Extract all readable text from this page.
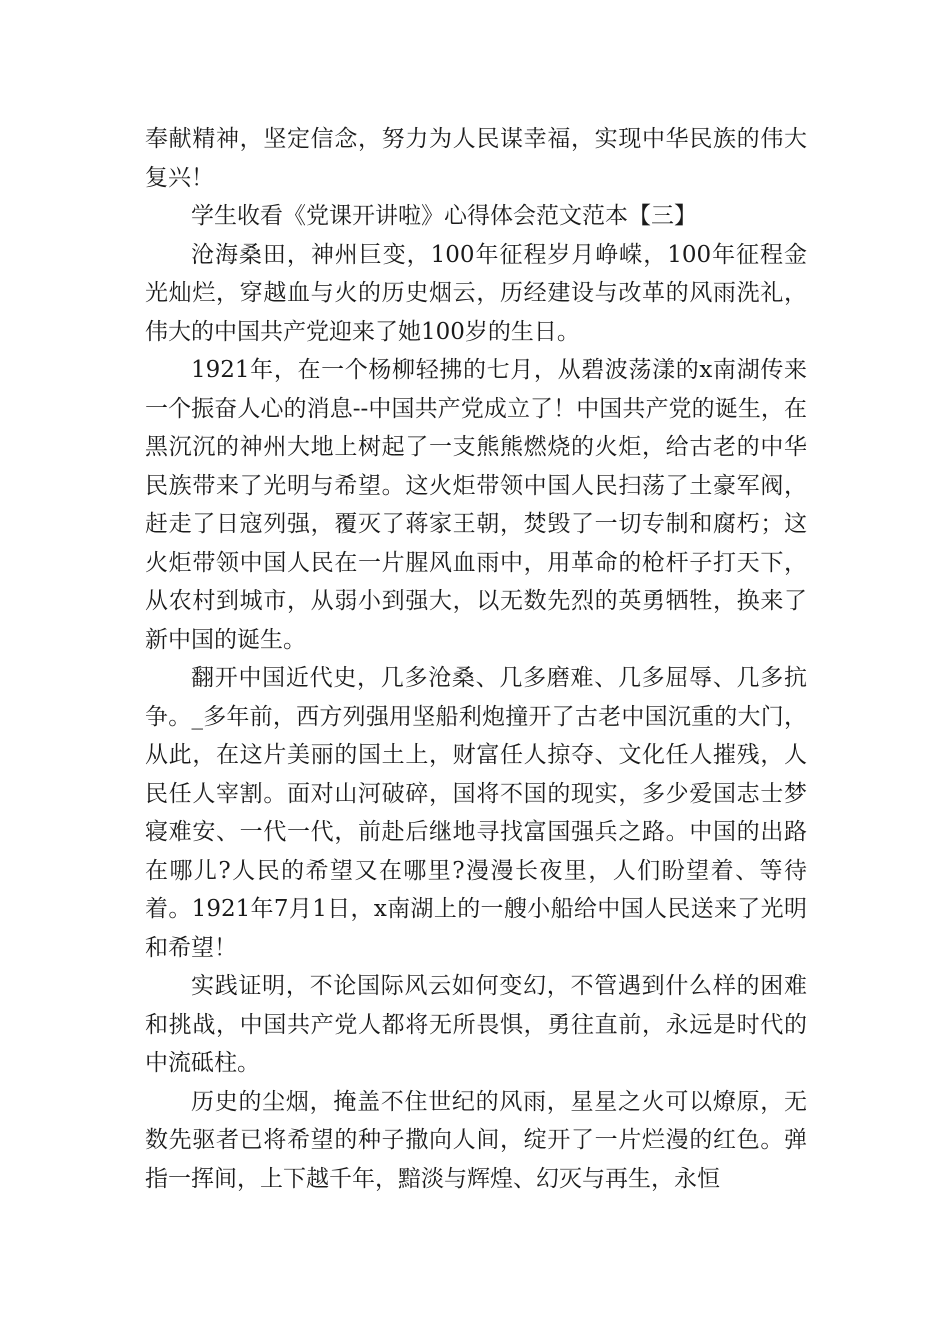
奉献精神，坚定信念，努力为人民谋幸福，实现中华民族的伟大复兴！

学生收看《党课开讲啦》心得体会范文范本【三】

沧海桑田，神州巨变，100年征程岁月峥嵘，100年征程金光灿烂，穿越血与火的历史烟云，历经建设与改革的风雨洗礼，伟大的中国共产党迎来了她100岁的生日。

1921年，在一个杨柳轻拂的七月，从碧波荡漾的x南湖传来一个振奋人心的消息--中国共产党成立了！中国共产党的诞生，在黑沉沉的神州大地上树起了一支熊熊燃烧的火炬，给古老的中华民族带来了光明与希望。这火炬带领中国人民扫荡了土豪军阀，赶走了日寇列强，覆灭了蒋家王朝，焚毁了一切专制和腐朽；这火炬带领中国人民在一片腥风血雨中，用革命的枪杆子打天下，从农村到城市，从弱小到强大，以无数先烈的英勇牺牲，换来了新中国的诞生。

翻开中国近代史，几多沧桑、几多磨难、几多屈辱、几多抗争。_多年前，西方列强用坚船利炮撞开了古老中国沉重的大门，从此，在这片美丽的国土上，财富任人掠夺、文化任人摧残，人民任人宰割。面对山河破碎，国将不国的现实，多少爱国志士梦寝难安、一代一代，前赴后继地寻找富国强兵之路。中国的出路在哪儿?人民的希望又在哪里?漫漫长夜里，人们盼望着、等待着。1921年7月1日，x南湖上的一艘小船给中国人民送来了光明和希望！

实践证明，不论国际风云如何变幻，不管遇到什么样的困难和挑战，中国共产党人都将无所畏惧，勇往直前，永远是时代的中流砥柱。

历史的尘烟，掩盖不住世纪的风雨，星星之火可以燎原，无数先驱者已将希望的种子撒向人间，绽开了一片烂漫的红色。弹指一挥间，上下越千年，黯淡与辉煌、幻灭与再生，永恒
